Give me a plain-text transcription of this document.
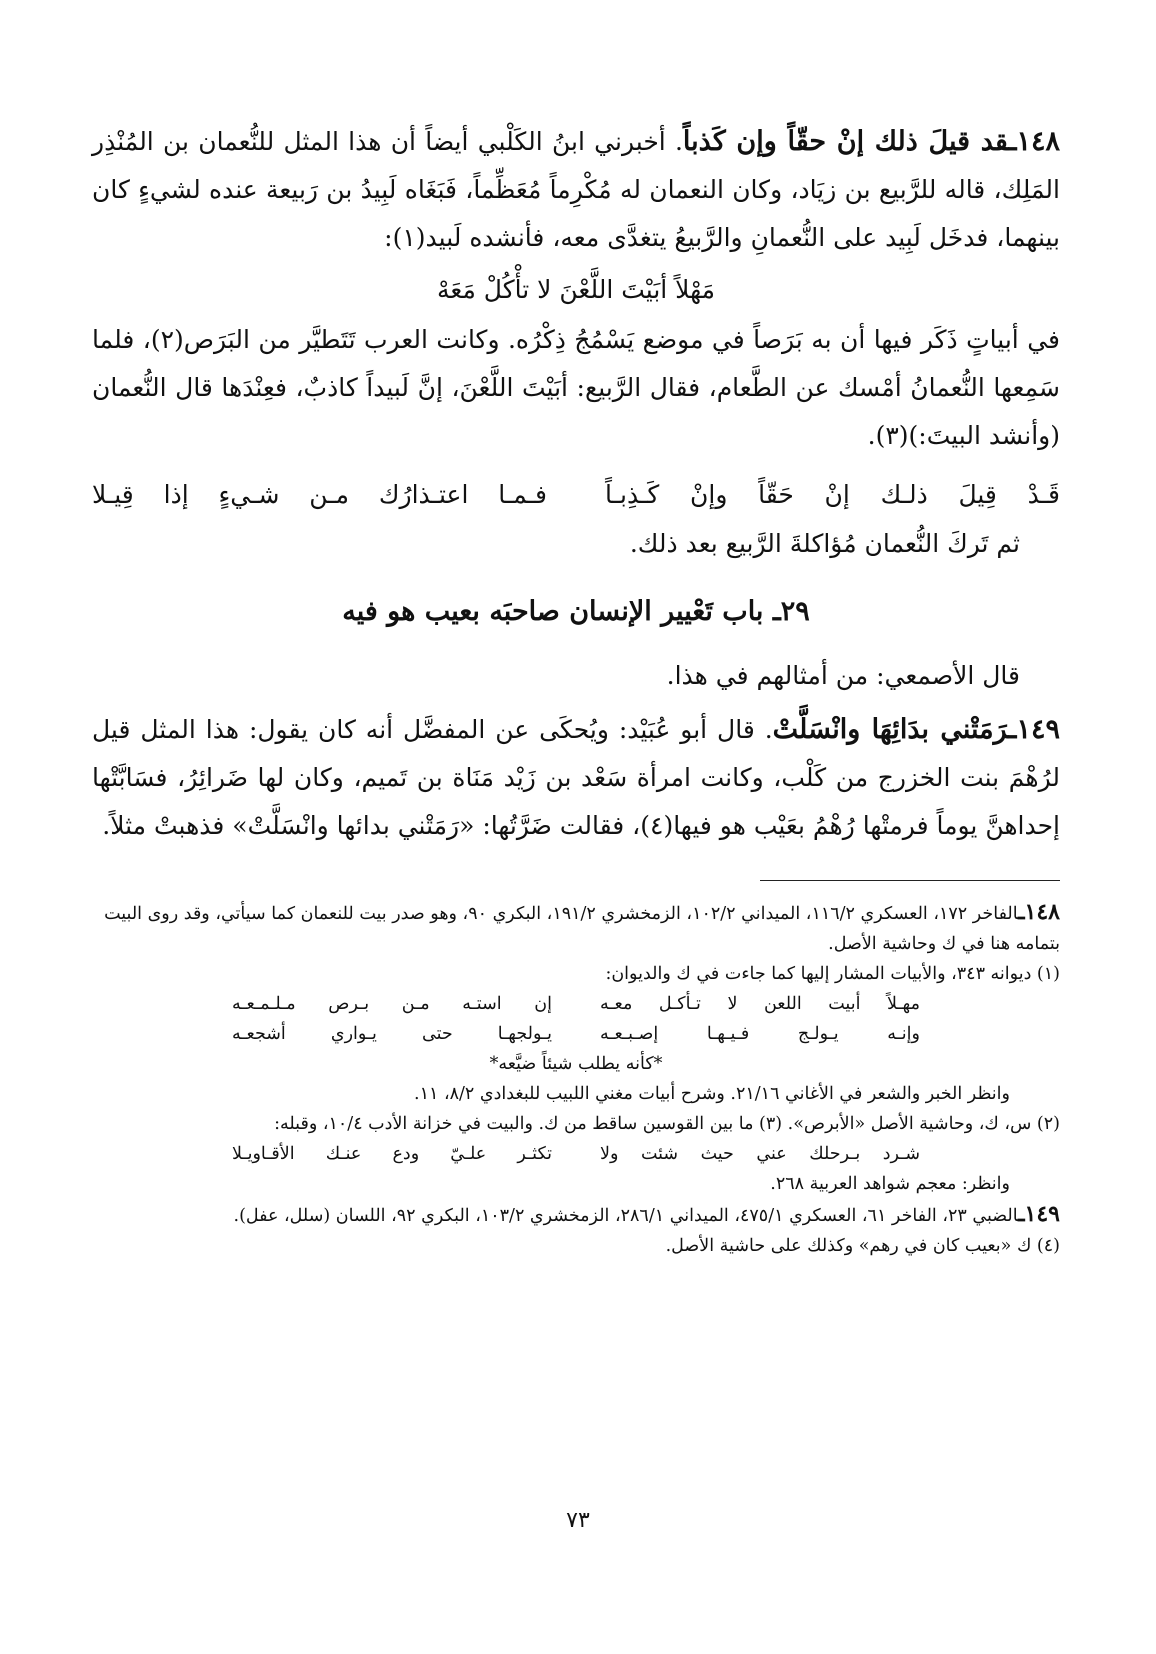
١٤٨ـقد قيلَ ذلك إنْ حقّاً وإن كَذباً. أخبرني ابنُ الكَلْبي أيضاً أن هذا المثل للنُّعمان بن المُنْذِر المَلِك، قاله للرَّبيع بن زيَاد، وكان النعمان له مُكْرِماً مُعَظِّماً، فَبَغَاه لَبِيدُ بن رَبيعة عنده لشيءٍ كان بينهما، فدخَل لَبِيد على النُّعمانِ والرَّبيعُ يتغدَّى معه، فأنشده لَبيد(١):

مَهْلاً أبَيْتَ اللَّعْنَ لا تأْكُلْ مَعَهْ

في أبياتٍ ذَكَر فيها أن به بَرَصاً في موضع يَسْمُجُ ذِكْرُه. وكانت العرب تَتَطيَّر من البَرَص(٢)، فلما سَمِعها النُّعمانُ أمْسك عن الطَّعام، فقال الرَّبيع: أبَيْتَ اللَّعْنَ، إنَّ لَبيداً كاذبٌ، فعِنْدَها قال النُّعمان (وأنشد البيتَ:)(٣).

قَـدْ قِيلَ ذلـك إنْ حَقّاً وإنْ كَـذِبـاً
فـمـا اعتـذارُك مـن شـيءٍ إذا قِيـلا

ثم تَركَ النُّعمان مُؤاكلةَ الرَّبيع بعد ذلك.

٢٩ـ باب تَعْيير الإنسان صاحبَه بعيب هو فيه

قال الأصمعي: من أمثالهم في هذا.

١٤٩ـرَمَتْني بدَائِهَا وانْسَلَّتْ. قال أبو عُبَيْد: ويُحكَى عن المفضَّل أنه كان يقول: هذا المثل قيل لرُهْمَ بنت الخزرج من كَلْب، وكانت امرأة سَعْد بن زَيْد مَنَاة بن تَميم، وكان لها ضَرائِرُ، فسَابَّتْها إحداهنَّ يوماً فرمتْها رُهْمُ بعَيْب هو فيها(٤)، فقالت ضَرَّتُها: «رَمَتْني بدائها وانْسَلَّتْ» فذهبتْ مثلاً.

١٤٨ـالفاخر ١٧٢، العسكري ١١٦/٢، الميداني ١٠٢/٢، الزمخشري ١٩١/٢، البكري ٩٠، وهو صدر بيت للنعمان كما سيأتي، وقد روى البيت بتمامه هنا في ك وحاشية الأصل.

(١) ديوانه ٣٤٣، والأبيات المشار إليها كما جاءت في ك والديوان:

مهـلاً أبيت اللعن لا تـأكـل معـه
إن استـه مـن بـرص مـلـمـعـه
وإنـه يـولـج فـيـهـا إصـبـعـه
يـولجهـا حتى يـواري أشجعـه

*كأنه يطلب شيئاً ضيَّعه*

وانظر الخبر والشعر في الأغاني ٢١/١٦. وشرح أبيات مغني اللبيب للبغدادي ٨/٢، ١١.

(٢) س، ك، وحاشية الأصل «الأبرص». (٣) ما بين القوسين ساقط من ك. والبيت في خزانة الأدب ١٠/٤، وقبله:

شـرد بـرحلك عني حيث شئت ولا
تكثـر علـيّ ودع عنـك الأقـاويـلا

وانظر: معجم شواهد العربية ٢٦٨.

١٤٩ـالضبي ٢٣، الفاخر ٦١، العسكري ٤٧٥/١، الميداني ٢٨٦/١، الزمخشري ١٠٣/٢، البكري ٩٢، اللسان (سلل، عفل).

(٤) ك «بعيب كان في رهم» وكذلك على حاشية الأصل.

٧٣
